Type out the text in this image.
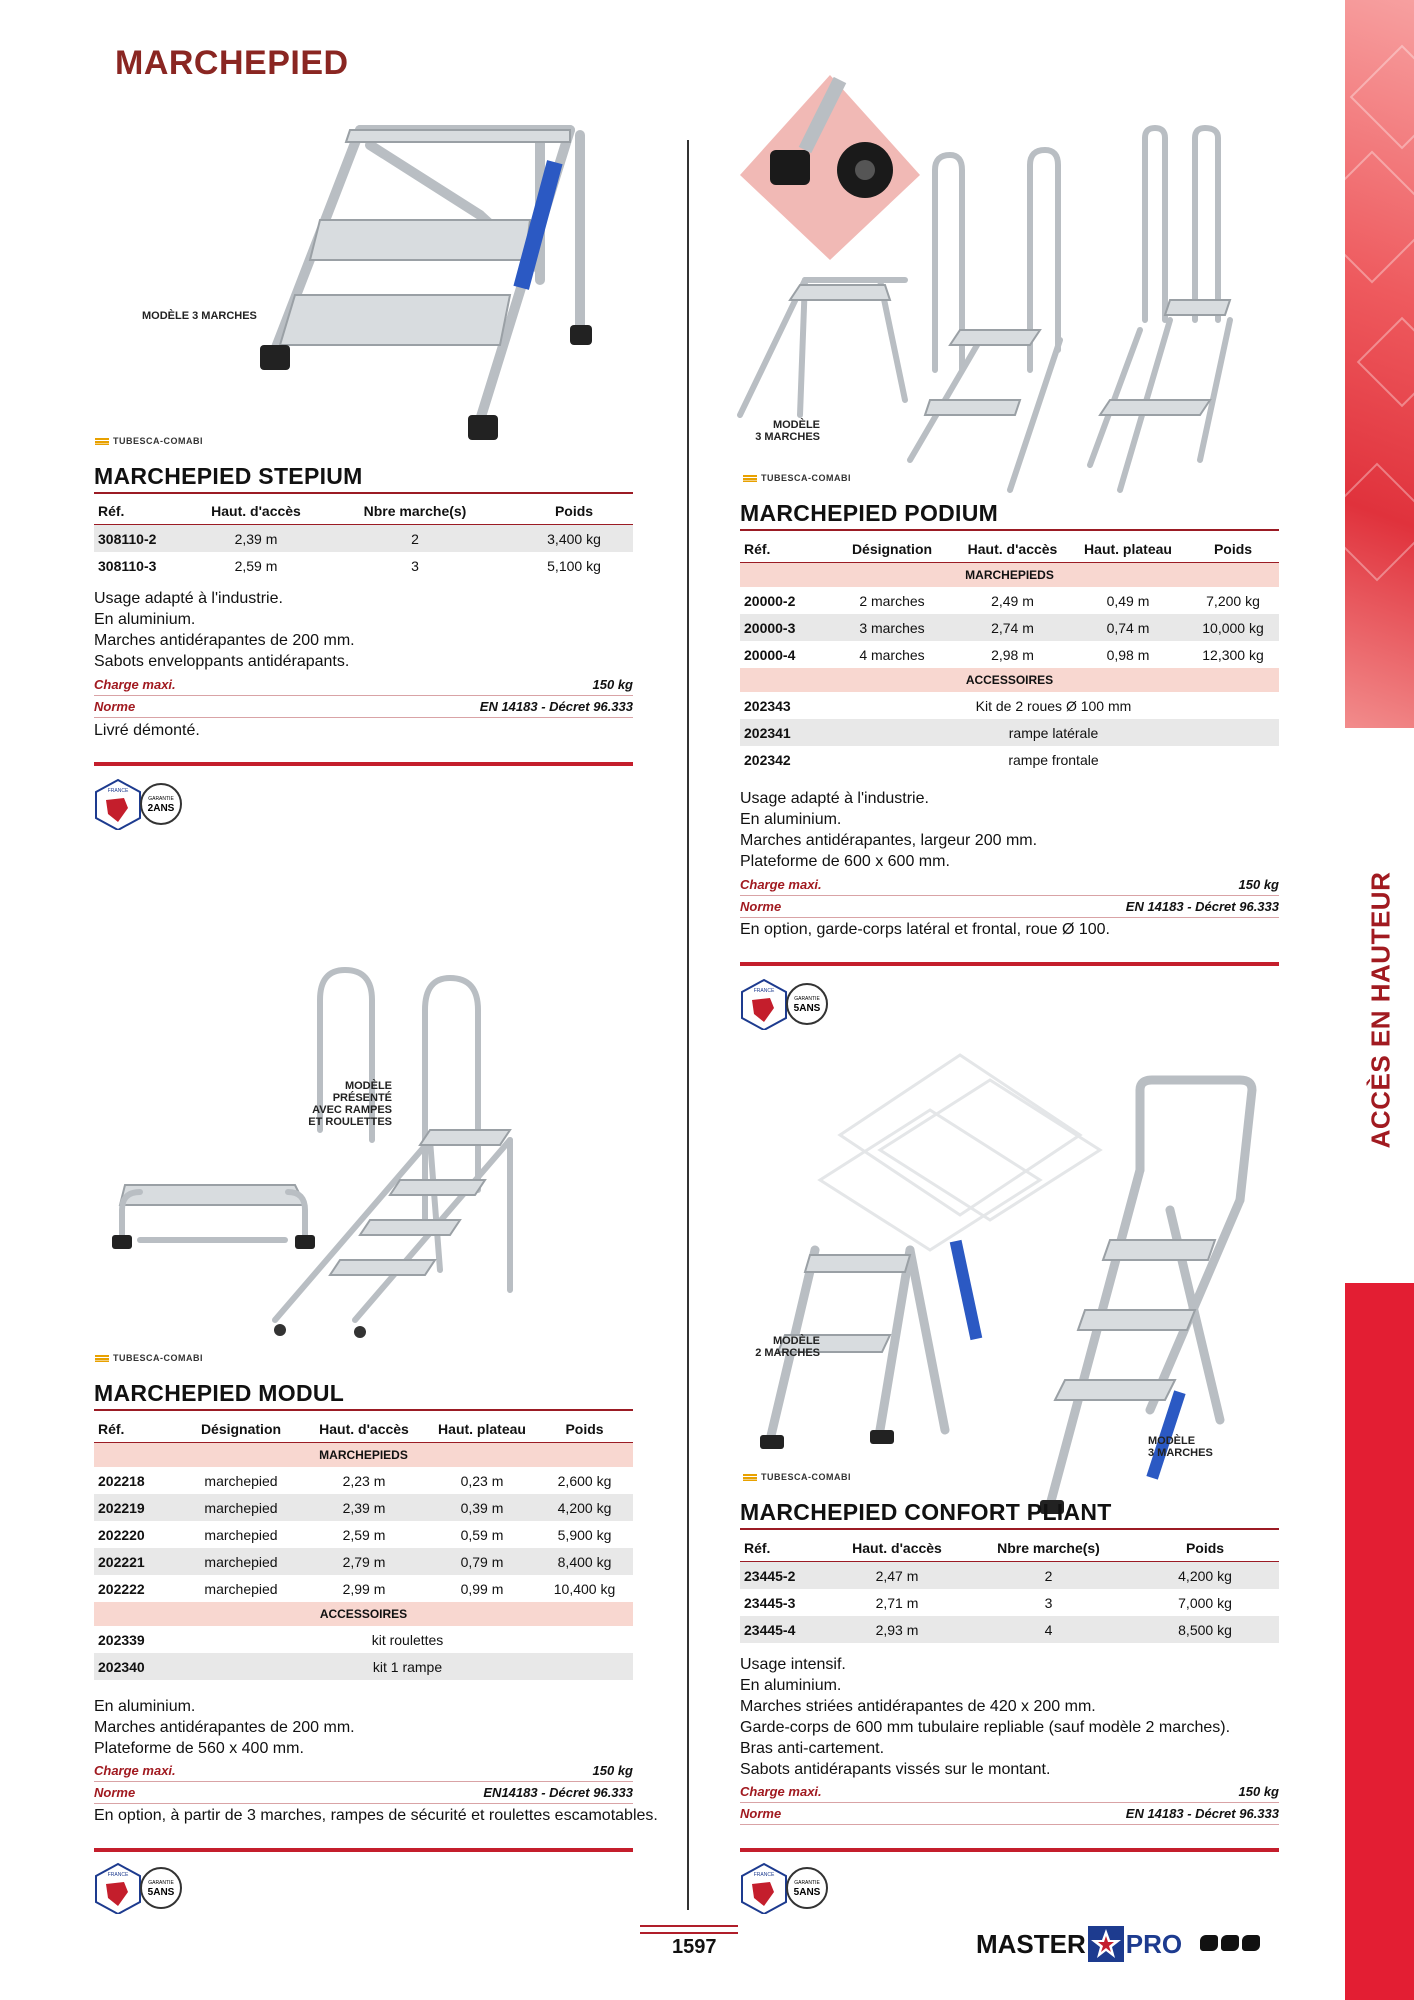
ACCÈS EN HAUTEUR
MARCHEPIED
MODÈLE 3 MARCHES
TUBESCA-COMABI
MARCHEPIED STEPIUM
Réf.	Haut. d'accès	Nbre marche(s)	Poids
308110-2	2,39 m	2	3,400 kg
308110-3	2,59 m	3	5,100 kg
Usage adapté à l'industrie.
En aluminium.
Marches antidérapantes de 200 mm.
Sabots enveloppants antidérapants.
Charge maxi.	150 kg
Norme	EN 14183 - Décret 96.333
Livré démonté.
FRANCE
GARANTIE
2ANS
MODÈLE PRÉSENTÉ
AVEC RAMPES
ET ROULETTES
TUBESCA-COMABI
MARCHEPIED MODUL
Réf.	Désignation	Haut. d'accès	Haut. plateau	Poids
MARCHEPIEDS				
202218	marchepied	2,23 m	0,23 m	2,600 kg
202219	marchepied	2,39 m	0,39 m	4,200 kg
202220	marchepied	2,59 m	0,59 m	5,900 kg
202221	marchepied	2,79 m	0,79 m	8,400 kg
202222	marchepied	2,99 m	0,99 m	10,400 kg
ACCESSOIRES				
202339	kit roulettes			
202340	kit 1 rampe			
En aluminium.
Marches antidérapantes de 200 mm.
Plateforme de 560 x 400 mm.
Charge maxi.	150 kg
Norme	EN14183 - Décret 96.333
En option, à partir de 3 marches, rampes de sécurité et roulettes escamotables.
FRANCE
GARANTIE
5ANS
MODÈLE
3 MARCHES
TUBESCA-COMABI
MARCHEPIED PODIUM
Réf.	Désignation	Haut. d'accès	Haut. plateau	Poids
MARCHEPIEDS				
20000-2	2 marches	2,49 m	0,49 m	7,200 kg
20000-3	3 marches	2,74 m	0,74 m	10,000 kg
20000-4	4 marches	2,98 m	0,98 m	12,300 kg
ACCESSOIRES				
202343	Kit de 2 roues Ø 100 mm			
202341	rampe latérale			
202342	rampe frontale			
Usage adapté à l'industrie.
En aluminium.
Marches antidérapantes, largeur 200 mm.
Plateforme de 600 x 600 mm.
Charge maxi.	150 kg
Norme	EN 14183 - Décret 96.333
En option, garde-corps latéral et frontal, roue Ø 100.
FRANCE
GARANTIE
5ANS
MODÈLE
2 MARCHES
MODÈLE
3 MARCHES
TUBESCA-COMABI
MARCHEPIED CONFORT PLIANT
Réf.	Haut. d'accès	Nbre marche(s)	Poids
23445-2	2,47 m	2	4,200 kg
23445-3	2,71 m	3	7,000 kg
23445-4	2,93 m	4	8,500 kg
Usage intensif.
En aluminium.
Marches striées antidérapantes de 420 x 200 mm.
Garde-corps de 600 mm tubulaire repliable (sauf modèle 2 marches).
Bras anti-cartement.
Sabots antidérapants vissés sur le montant.
Charge maxi.	150 kg
Norme	EN 14183 - Décret 96.333
FRANCE
GARANTIE
5ANS
1597	MASTER PRO
